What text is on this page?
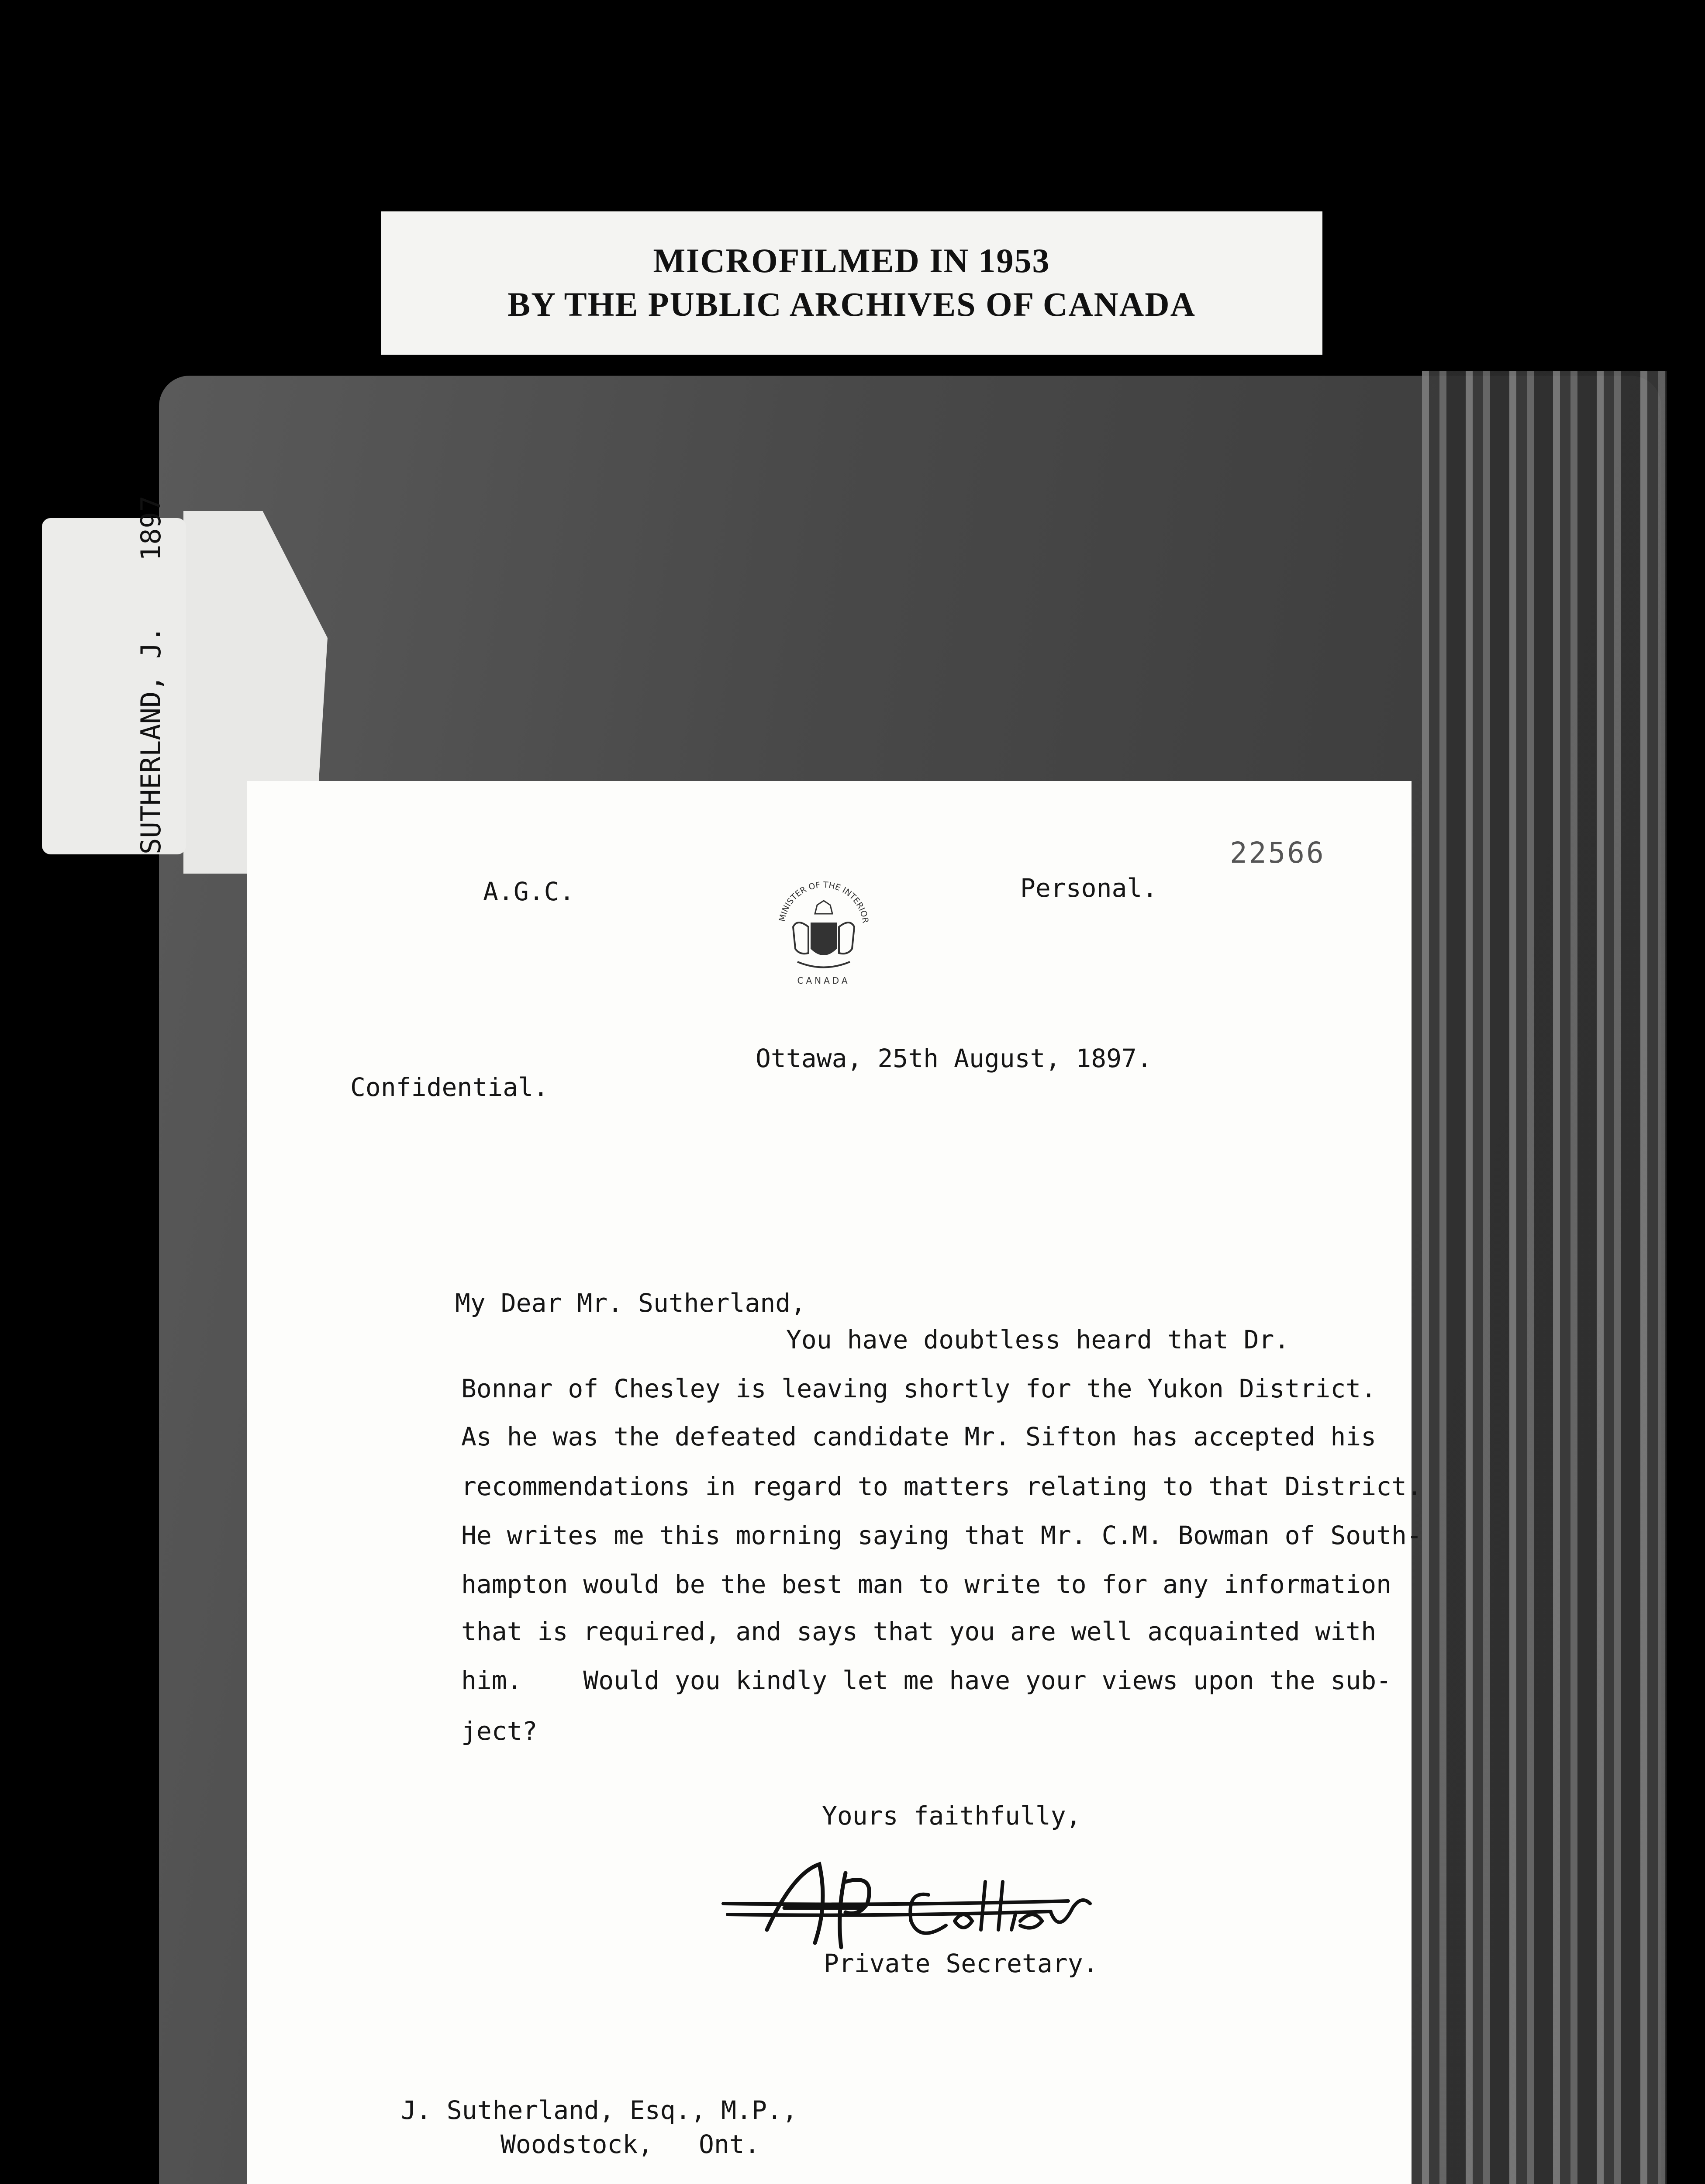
MICROFILMED IN 1953
BY THE PUBLIC ARCHIVES OF CANADA
SUTHERLAND, J.    1897
A.G.C.
MINISTER OF THE INTERIOR
CANADA
Personal.
22566
Ottawa, 25th August, 1897.
Confidential.
My Dear Mr. Sutherland,
You have doubtless heard that Dr.
Bonnar of Chesley is leaving shortly for the Yukon District.
As he was the defeated candidate Mr. Sifton has accepted his
recommendations in regard to matters relating to that District.
He writes me this morning saying that Mr. C.M. Bowman of South-
hampton would be the best man to write to for any information
that is required, and says that you are well acquainted with
him.    Would you kindly let me have your views upon the sub-
ject?
Yours faithfully,
Private Secretary.
J. Sutherland, Esq., M.P.,
Woodstock,   Ont.
